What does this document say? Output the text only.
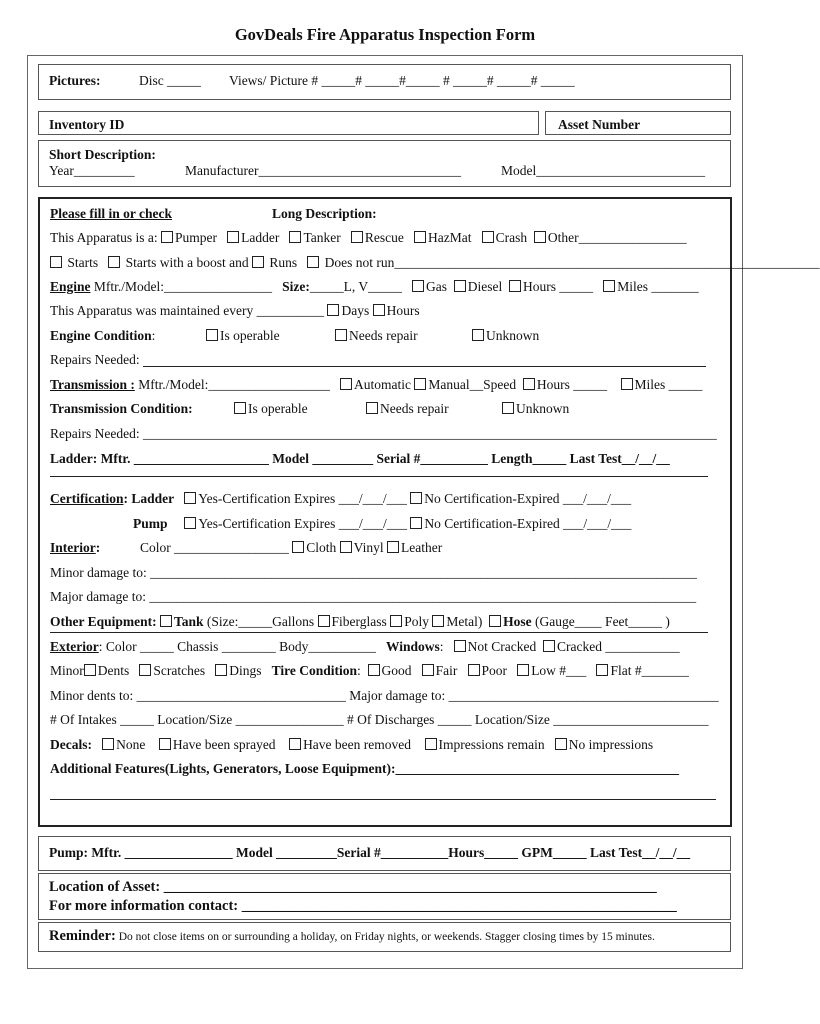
GovDeals Fire Apparatus Inspection Form
Pictures:	Disc _____ Views/ Picture # _____# _____#_____ # _____# _____# _____
Inventory ID	Asset Number
Short Description:
Year_________	Manufacturer______________________________	Model_________________________
Please fill in or check	Long Description:
This Apparatus is a: Pumper Ladder Tanker Rescue HazMat Crash Other________________
Starts Starts with a boost and Runs Does not run_______________________________________________________________
Engine Mftr./Model:________________ Size:_____L, V_____ Gas Diesel Hours _____ Miles _______
This Apparatus was maintained every __________ Days Hours
Engine Condition:	Is operable	Needs repair	Unknown
Repairs Needed:
Transmission : Mftr./Model:__________________ Automatic Manual__Speed Hours _____ Miles _____
Transmission Condition:	Is operable	Needs repair	Unknown
Repairs Needed: _____________________________________________________________________________________
Ladder: Mftr. ____________________ Model _________ Serial #__________ Length_____ Last Test__/__/__
Certification: Ladder Yes-Certification Expires ___/___/___ No Certification-Expired ___/___/___
Pump Yes-Certification Expires ___/___/___ No Certification-Expired ___/___/___
Interior:	Color _________________ Cloth Vinyl Leather
Minor damage to: _________________________________________________________________________________
Major damage to: _________________________________________________________________________________
Other Equipment: Tank (Size:_____Gallons Fiberglass Poly Metal) Hose (Gauge____ Feet_____ )
Exterior: Color _____ Chassis ________ Body__________ Windows:   Not Cracked Cracked ___________
Minor Dents Scratches Dings Tire Condition:  Good Fair Poor Low #___ Flat #_______
Minor dents to: _______________________________ Major damage to: ________________________________________
# Of Intakes _____ Location/Size ________________ # Of Discharges _____ Location/Size _______________________
Decals: None Have been sprayed Have been removed Impressions remain No impressions
Additional Features(Lights, Generators, Loose Equipment):__________________________________________
Pump: Mftr. ________________ Model _________Serial #__________Hours_____ GPM_____ Last Test__/__/__
Location of Asset: ____________________________________________________________________
For more information contact: ____________________________________________________________
Reminder: Do not close items on or surrounding a holiday, on Friday nights, or weekends. Stagger closing times by 15 minutes.
